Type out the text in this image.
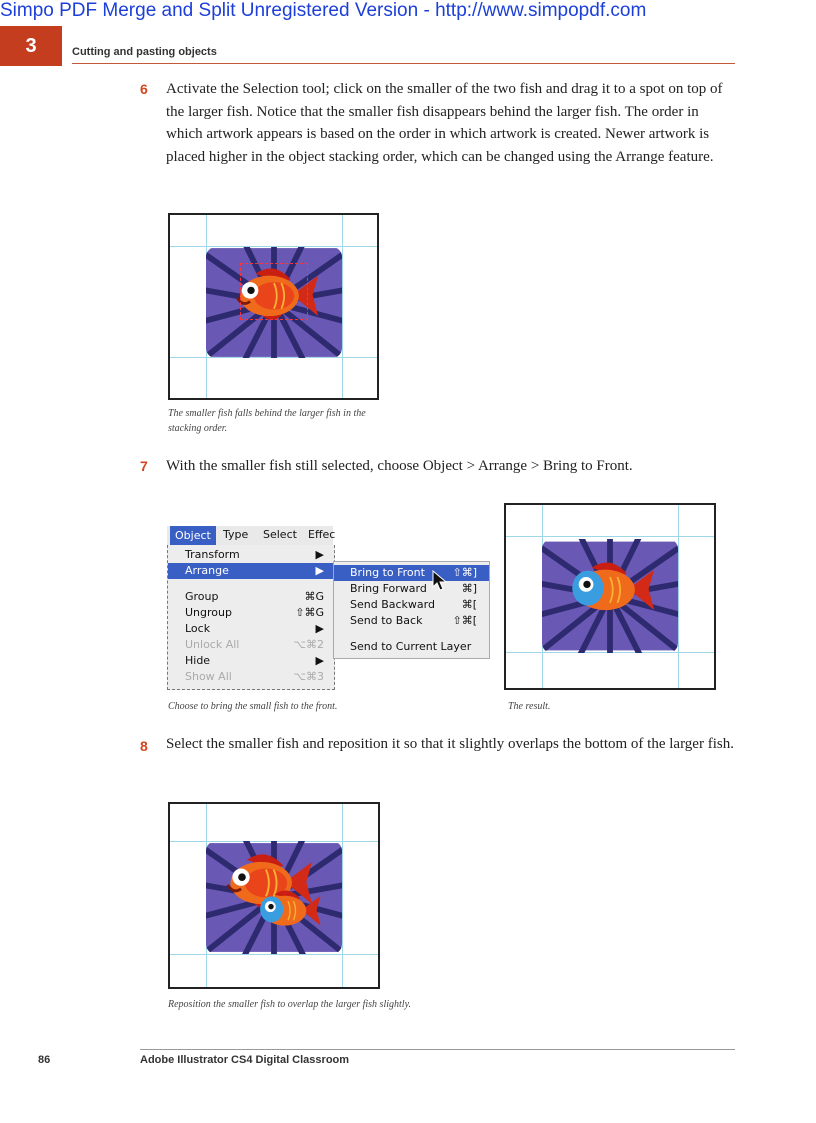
Simpo PDF Merge and Split Unregistered Version - http://www.simpopdf.com
3	Cutting and pasting objects
6 Activate the Selection tool; click on the smaller of the two fish and drag it to a spot on top of the larger fish. Notice that the smaller fish disappears behind the larger fish. The order in which artwork appears is based on the order in which artwork is created. Newer artwork is placed higher in the object stacking order, which can be changed using the Arrange feature.
The smaller fish falls behind the larger fish in the stacking order.
7 With the smaller fish still selected, choose Object > Arrange > Bring to Front.
Object	Type Select Effec
Transform	▶
Arrange	▶
Group	⌘G
Ungroup	⇧⌘G
Lock	▶
Unlock All	⌥⌘2
Hide	▶
Show All	⌥⌘3
Bring to Front	⇧⌘]
Bring Forward	⌘]
Send Backward ⌘[
Send to Back	⇧⌘[
Send to Current Layer
Choose to bring the small fish to the front.	The result.
8 Select the smaller fish and reposition it so that it slightly overlaps the bottom of the larger fish.
Reposition the smaller fish to overlap the larger fish slightly.
86	Adobe Illustrator CS4 Digital Classroom
